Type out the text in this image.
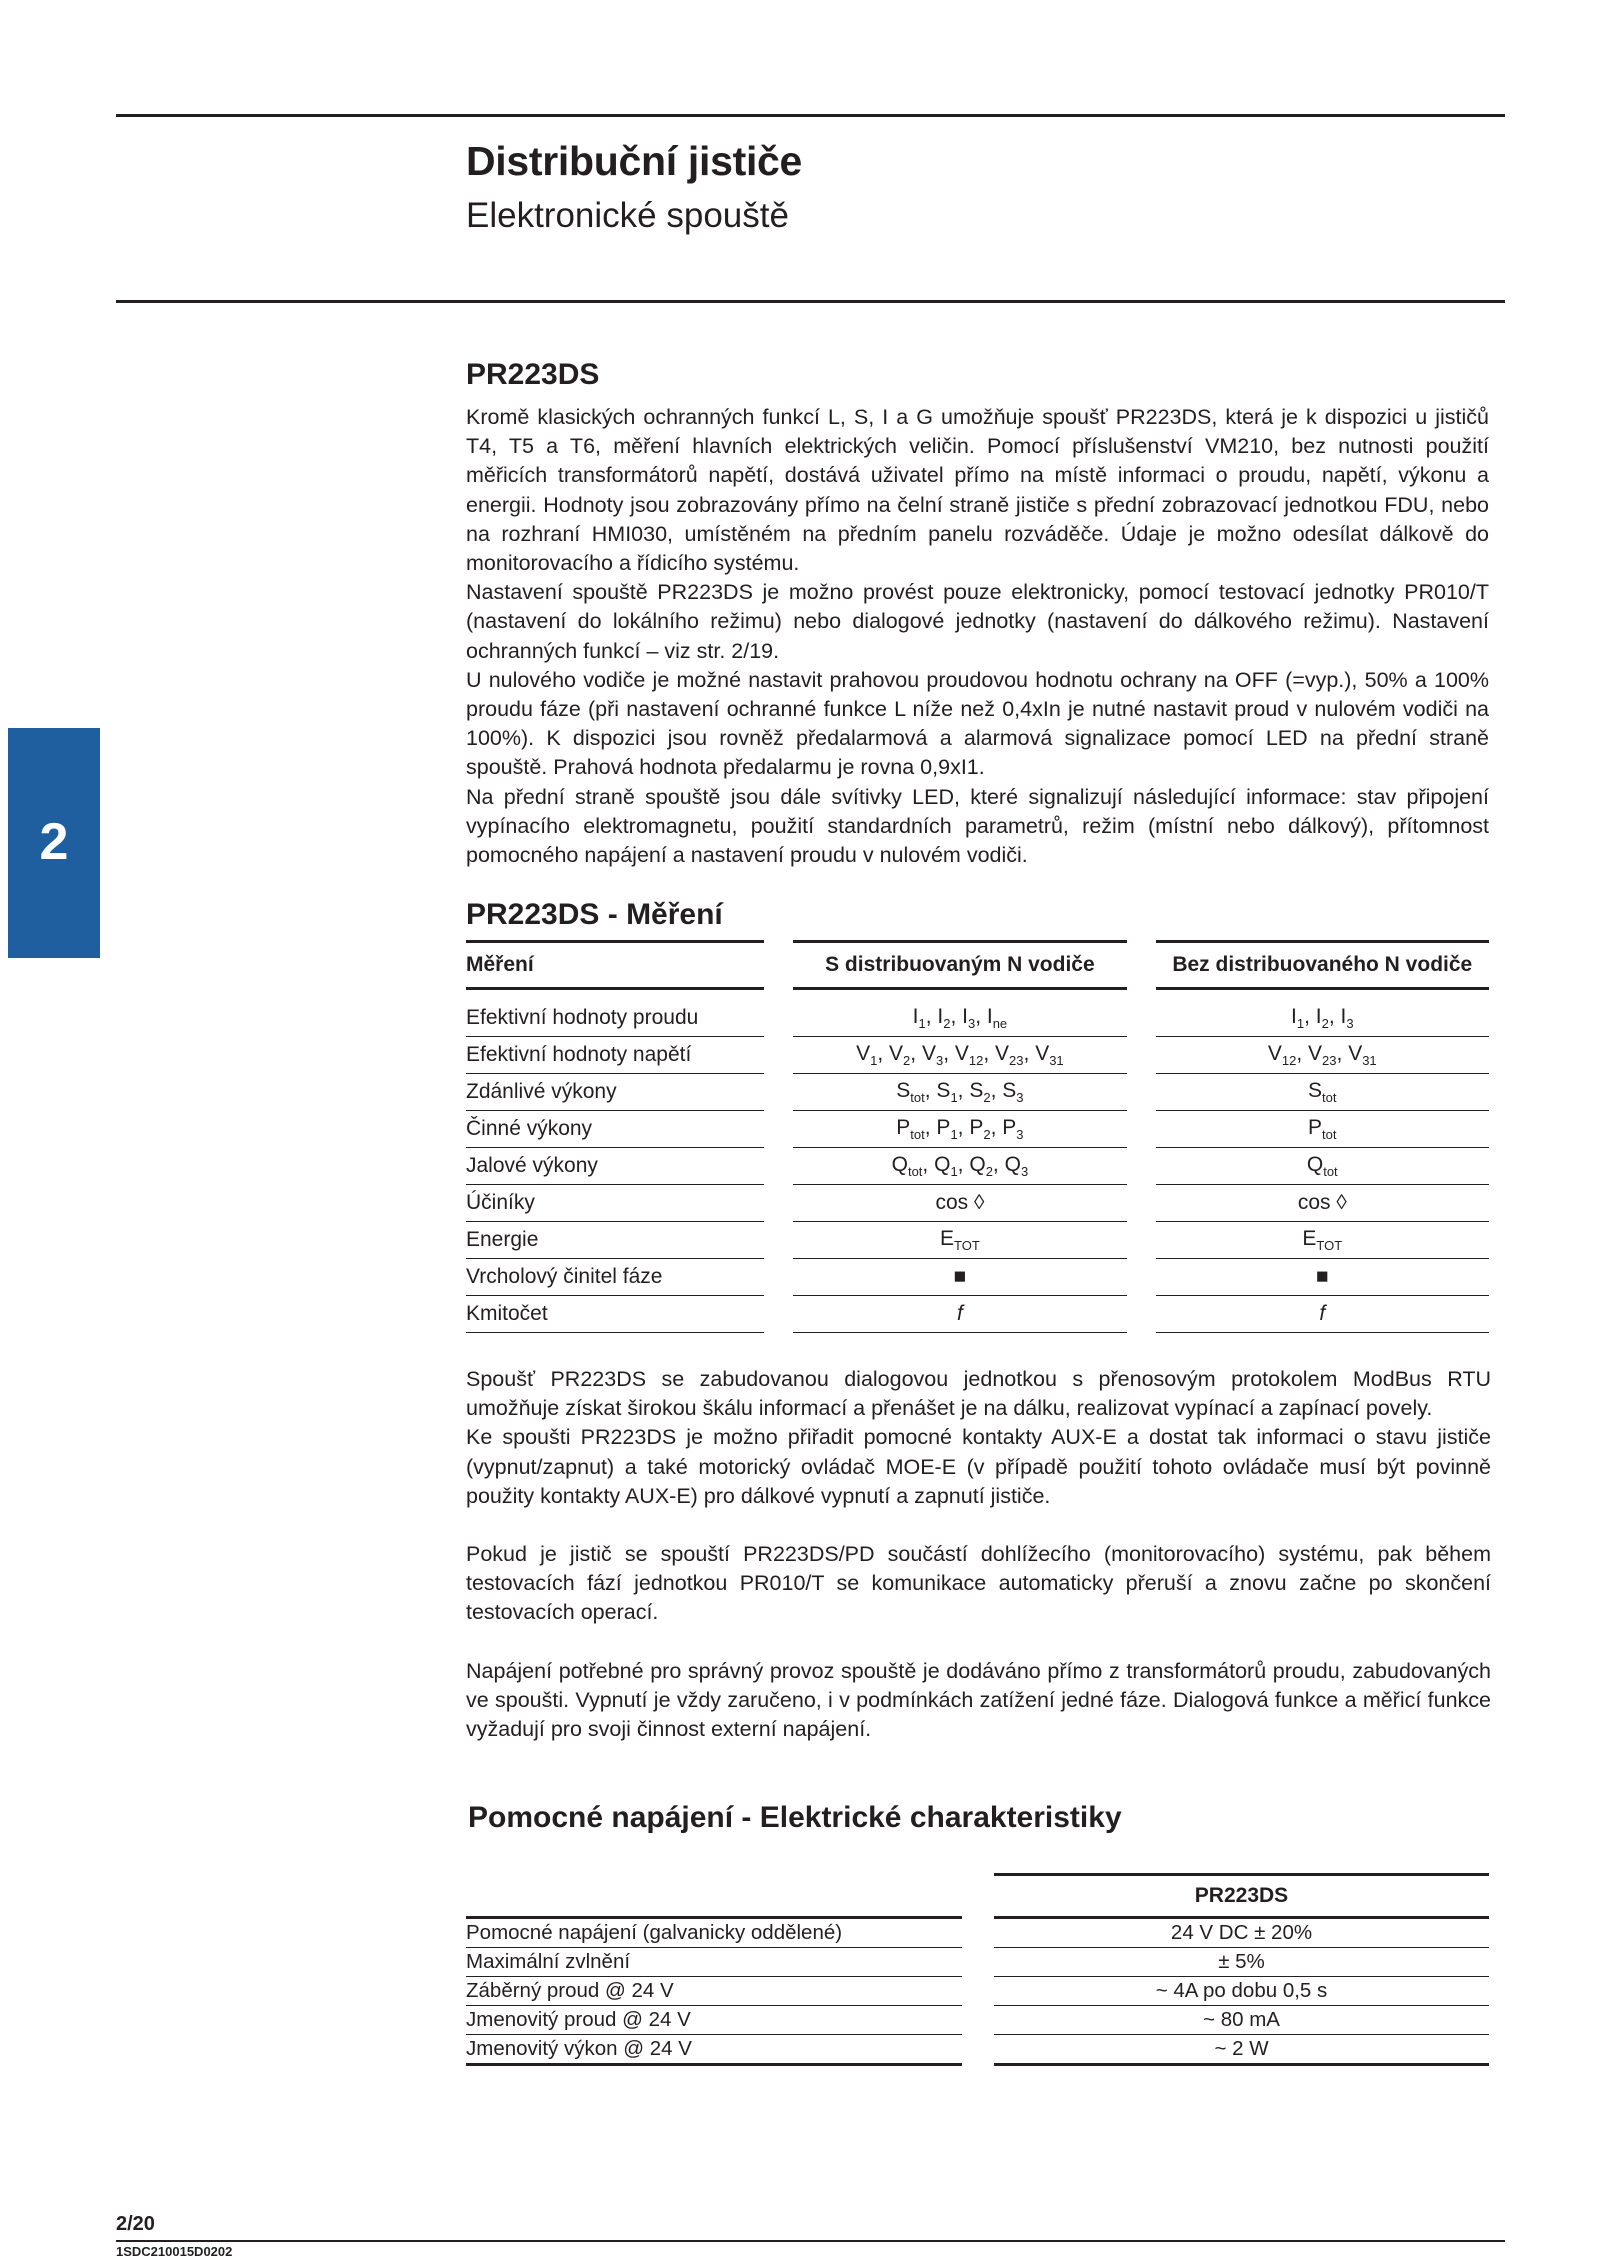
Distribuční jističe
Elektronické spouště
2
PR223DS

Kromě klasických ochranných funkcí L, S, I a G umožňuje spoušť PR223DS, která je k dispozici u jističů T4, T5 a T6, měření hlavních elektrických veličin. Pomocí příslušenství VM210, bez nutnosti použití měřicích transformátorů napětí, dostává uživatel přímo na místě informaci o proudu, napětí, výkonu a energii. Hodnoty jsou zobrazovány přímo na čelní straně jističe s přední zobrazovací jednotkou FDU, nebo na rozhraní HMI030, umístěném na předním panelu rozváděče. Údaje je možno odesílat dálkově do monitorovacího a řídicího systému.

Nastavení spouště PR223DS je možno provést pouze elektronicky, pomocí testovací jednotky PR010/T (nastavení do lokálního režimu) nebo dialogové jednotky (nastavení do dálkového režimu). Nastavení ochranných funkcí – viz str. 2/19.

U nulového vodiče je možné nastavit prahovou proudovou hodnotu ochrany na OFF (=vyp.), 50% a 100% proudu fáze (při nastavení ochranné funkce L níže než 0,4xIn je nutné nastavit proud v nulovém vodiči na 100%). K dispozici jsou rovněž předalarmová a alarmová signalizace pomocí LED na přední straně spouště. Prahová hodnota předalarmu je rovna 0,9xI1.

Na přední straně spouště jsou dále svítivky LED, které signalizují následující informace: stav připojení vypínacího elektromagnetu, použití standardních parametrů, režim (místní nebo dálkový), přítomnost pomocného napájení a nastavení proudu v nulovém vodiči.

PR223DS - Měření
Měření		S distribuovaným N vodiče		Bez distribuovaného N vodiče

Efektivní hodnoty proudu		$I_1$, $I_2$, $I_3$, $I_{ne}$		$I_1$, $I_2$, $I_3$
Efektivní hodnoty napětí		$V_1$, $V_2$, $V_3$, $V_{12}$, $V_{23}$, $V_{31}$		$V_{12}$, $V_{23}$, $V_{31}$
Zdánlivé výkony		$S_{tot}$, $S_1$, $S_2$, $S_3$		$S_{tot}$
Činné výkony		$P_{tot}$, $P_1$, $P_2$, $P_3$		$P_{tot}$
Jalové výkony		$Q_{tot}$, $Q_1$, $Q_2$, $Q_3$		$Q_{tot}$
Účiníky		cos ◊		cos ◊
Energie		$E_{TOT}$		$E_{TOT}$
Vrcholový činitel fáze		■		■
Kmitočet		f		f

Spoušť PR223DS se zabudovanou dialogovou jednotkou s přenosovým protokolem ModBus RTU umožňuje získat širokou škálu informací a přenášet je na dálku, realizovat vypínací a zapínací povely.

Ke spoušti PR223DS je možno přiřadit pomocné kontakty AUX-E a dostat tak informaci o stavu jističe (vypnut/zapnut) a také motorický ovládač MOE-E (v případě použití tohoto ovládače musí být povinně použity kontakty AUX-E) pro dálkové vypnutí a zapnutí jističe.

Pokud je jistič se spouští PR223DS/PD součástí dohlížecího (monitorovacího) systému, pak během testovacích fází jednotkou PR010/T se komunikace automaticky přeruší a znovu začne po skončení testovacích operací.

Napájení potřebné pro správný provoz spouště je dodáváno přímo z transformátorů proudu, zabudovaných ve spoušti. Vypnutí je vždy zaručeno, i v podmínkách zatížení jedné fáze. Dialogová funkce a měřicí funkce vyžadují pro svoji činnost externí napájení.

Pomocné napájení - Elektrické charakteristiky
		PR223DS
Pomocné napájení (galvanicky oddělené)		24 V DC ± 20%
Maximální zvlnění		± 5%
Záběrný proud @ 24 V		~ 4A po dobu 0,5 s
Jmenovitý proud @ 24 V		~ 80 mA
Jmenovitý výkon @ 24 V		~ 2 W
2/20
1SDC210015D0202
